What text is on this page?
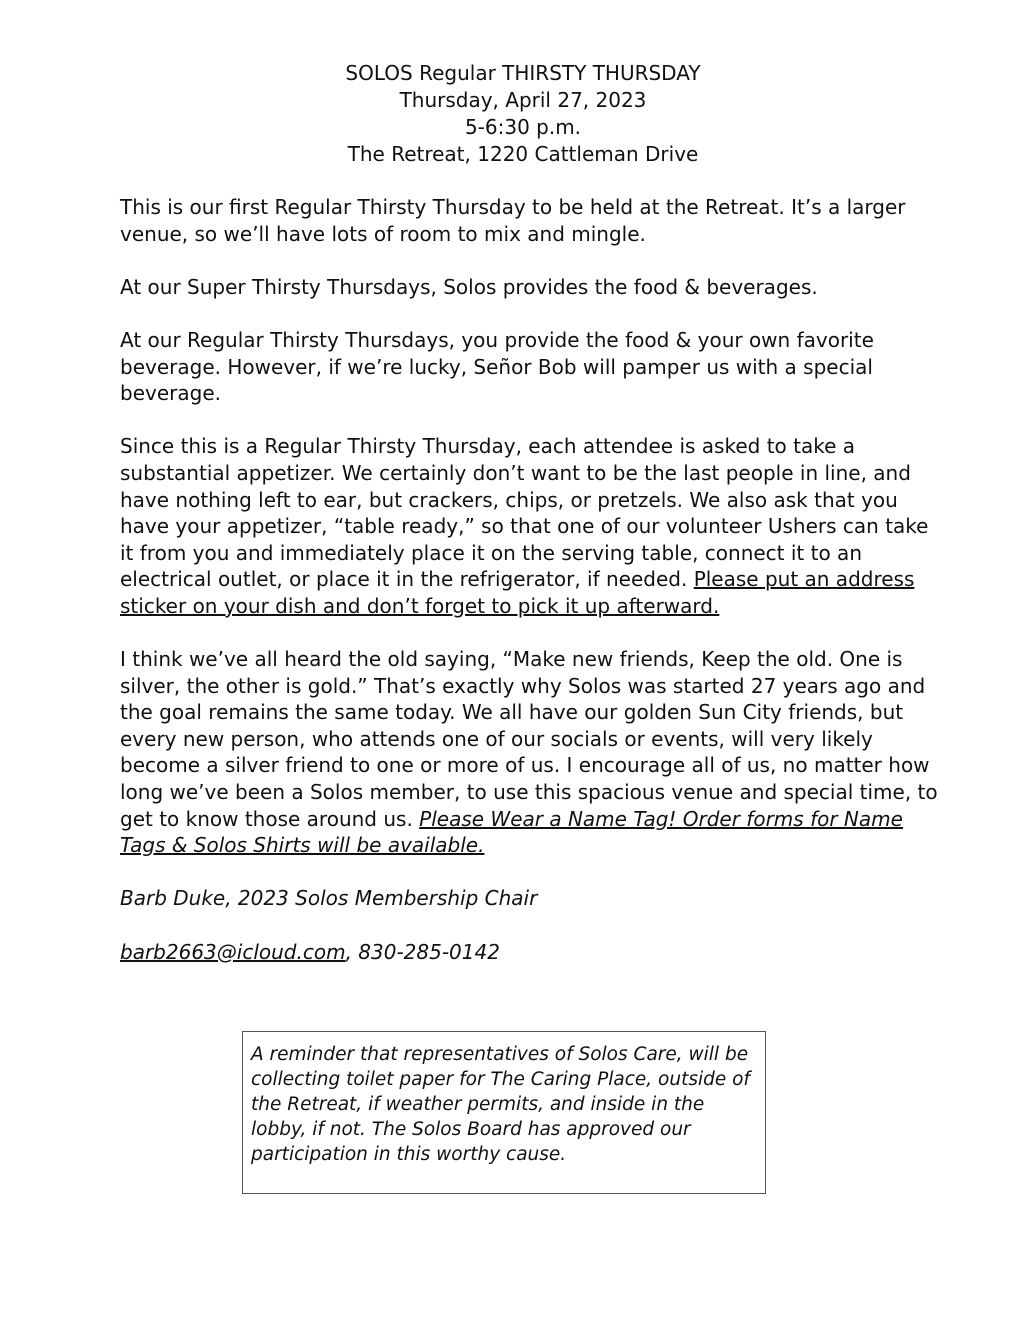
SOLOS Regular THIRSTY THURSDAY
Thursday, April 27, 2023
5-6:30 p.m.
The Retreat, 1220 Cattleman Drive

This is our first Regular Thirsty Thursday to be held at the Retreat. It’s a larger venue, so we’ll have lots of room to mix and mingle.

At our Super Thirsty Thursdays, Solos provides the food & beverages.

At our Regular Thirsty Thursdays, you provide the food & your own favorite beverage. However, if we’re lucky, Señor Bob will pamper us with a special beverage.

Since this is a Regular Thirsty Thursday, each attendee is asked to take a substantial appetizer. We certainly don’t want to be the last people in line, and have nothing left to ear, but crackers, chips, or pretzels. We also ask that you have your appetizer, “table ready,” so that one of our volunteer Ushers can take it from you and immediately place it on the serving table, connect it to an electrical outlet, or place it in the refrigerator, if needed. Please put an address sticker on your dish and don’t forget to pick it up afterward.

I think we’ve all heard the old saying, “Make new friends, Keep the old. One is silver, the other is gold.” That’s exactly why Solos was started 27 years ago and the goal remains the same today. We all have our golden Sun City friends, but every new person, who attends one of our socials or events, will very likely become a silver friend to one or more of us. I encourage all of us, no matter how long we’ve been a Solos member, to use this spacious venue and special time, to get to know those around us. Please Wear a Name Tag! Order forms for Name Tags & Solos Shirts will be available.

Barb Duke, 2023 Solos Membership Chair

barb2663@icloud.com, 830-285-0142

A reminder that representatives of Solos Care, will be collecting toilet paper for The Caring Place, outside of the Retreat, if weather permits, and inside in the lobby, if not. The Solos Board has approved our participation in this worthy cause.
